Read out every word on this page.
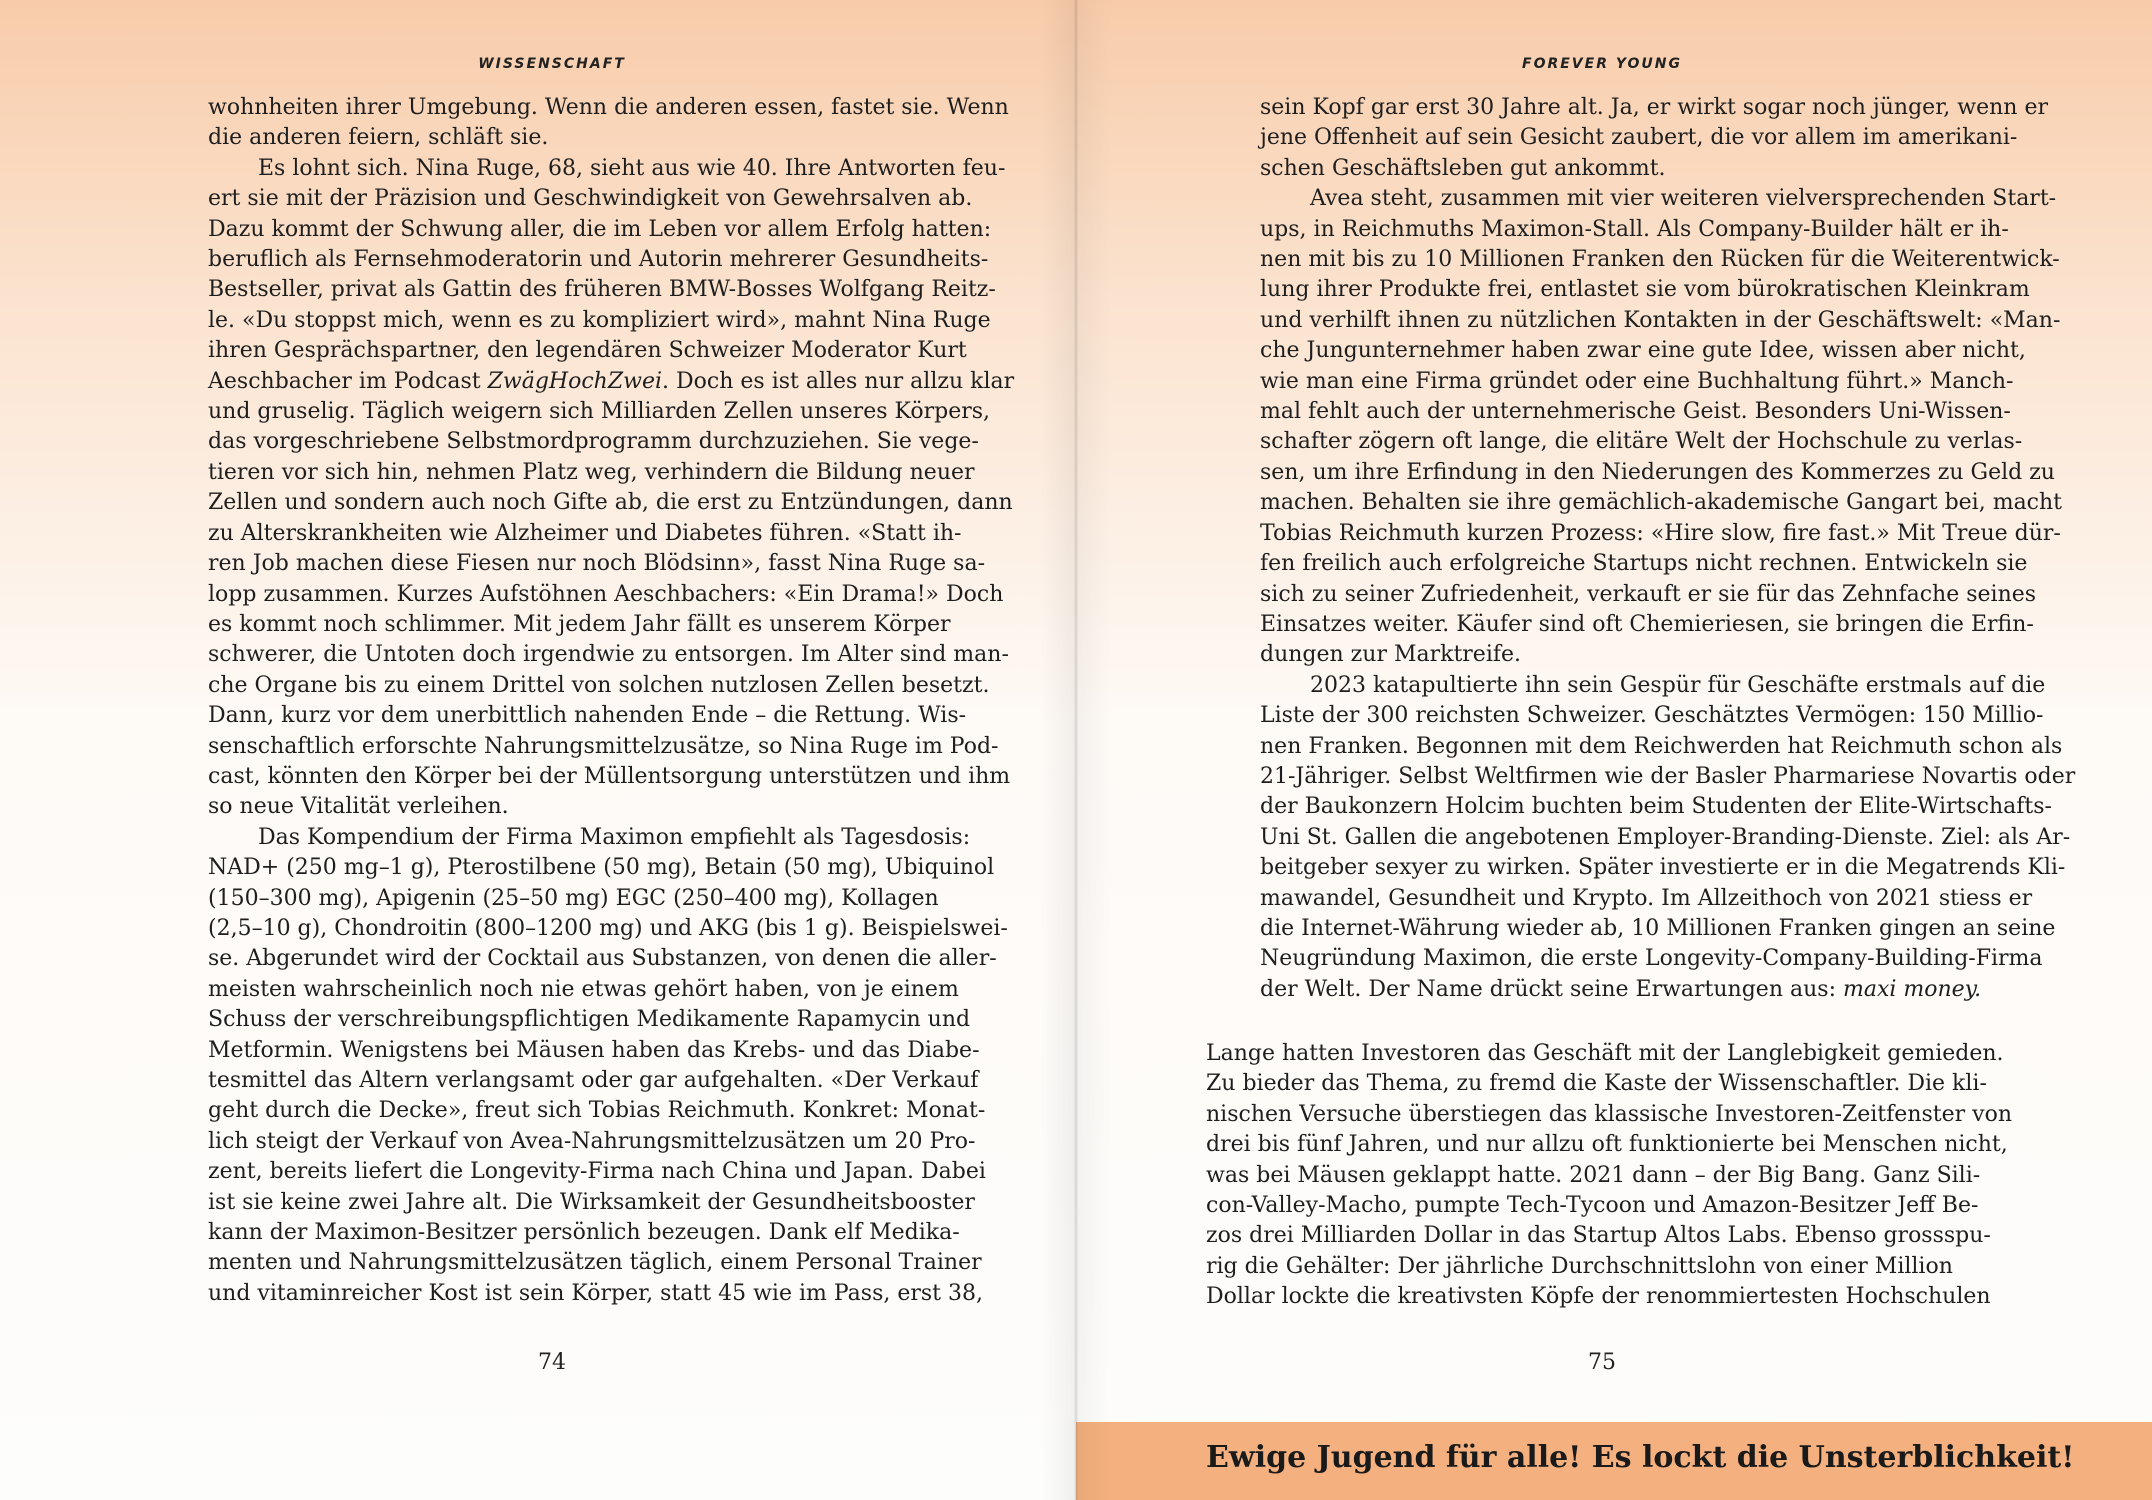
WISSENSCHAFT
wohnheiten ihrer Umgebung. Wenn die anderen essen, fastet sie. Wenn
die anderen feiern, schläft sie.
Es lohnt sich. Nina Ruge, 68, sieht aus wie 40. Ihre Antworten feu-
ert sie mit der Präzision und Geschwindigkeit von Gewehrsalven ab.
Dazu kommt der Schwung aller, die im Leben vor allem Erfolg hatten:
beruflich als Fernsehmoderatorin und Autorin mehrerer Gesundheits-
Bestseller, privat als Gattin des früheren BMW-Bosses Wolfgang Reitz-
le. «Du stoppst mich, wenn es zu kompliziert wird», mahnt Nina Ruge
ihren Gesprächspartner, den legendären Schweizer Moderator Kurt
Aeschbacher im Podcast ZwägHochZwei. Doch es ist alles nur allzu klar
und gruselig. Täglich weigern sich Milliarden Zellen unseres Körpers,
das vorgeschriebene Selbstmordprogramm durchzuziehen. Sie vege-
tieren vor sich hin, nehmen Platz weg, verhindern die Bildung neuer
Zellen und sondern auch noch Gifte ab, die erst zu Entzündungen, dann
zu Alterskrankheiten wie Alzheimer und Diabetes führen. «Statt ih-
ren Job machen diese Fiesen nur noch Blödsinn», fasst Nina Ruge sa-
lopp zusammen. Kurzes Aufstöhnen Aeschbachers: «Ein Drama!» Doch
es kommt noch schlimmer. Mit jedem Jahr fällt es unserem Körper
schwerer, die Untoten doch irgendwie zu entsorgen. Im Alter sind man-
che Organe bis zu einem Drittel von solchen nutzlosen Zellen besetzt.
Dann, kurz vor dem unerbittlich nahenden Ende – die Rettung. Wis-
senschaftlich erforschte Nahrungsmittelzusätze, so Nina Ruge im Pod-
cast, könnten den Körper bei der Müllentsorgung unterstützen und ihm
so neue Vitalität verleihen.
Das Kompendium der Firma Maximon empfiehlt als Tagesdosis:
NAD+ (250 mg–1 g), Pterostilbene (50 mg), Betain (50 mg), Ubiquinol
(150–300 mg), Apigenin (25–50 mg) EGC (250–400 mg), Kollagen
(2,5–10 g), Chondroitin (800–1200 mg) und AKG (bis 1 g). Beispielswei-
se. Abgerundet wird der Cocktail aus Substanzen, von denen die aller-
meisten wahrscheinlich noch nie etwas gehört haben, von je einem
Schuss der verschreibungspflichtigen Medikamente Rapamycin und
Metformin. Wenigstens bei Mäusen haben das Krebs- und das Diabe-
tesmittel das Altern verlangsamt oder gar aufgehalten. «Der Verkauf
geht durch die Decke», freut sich Tobias Reichmuth. Konkret: Monat-
lich steigt der Verkauf von Avea-Nahrungsmittelzusätzen um 20 Pro-
zent, bereits liefert die Longevity-Firma nach China und Japan. Dabei
ist sie keine zwei Jahre alt. Die Wirksamkeit der Gesundheitsbooster
kann der Maximon-Besitzer persönlich bezeugen. Dank elf Medika-
menten und Nahrungsmittelzusätzen täglich, einem Personal Trainer
und vitaminreicher Kost ist sein Körper, statt 45 wie im Pass, erst 38,
74
FOREVER YOUNG
sein Kopf gar erst 30 Jahre alt. Ja, er wirkt sogar noch jünger, wenn er
jene Offenheit auf sein Gesicht zaubert, die vor allem im amerikani-
schen Geschäftsleben gut ankommt.
Avea steht, zusammen mit vier weiteren vielversprechenden Start-
ups, in Reichmuths Maximon-Stall. Als Company-Builder hält er ih-
nen mit bis zu 10 Millionen Franken den Rücken für die Weiterentwick-
lung ihrer Produkte frei, entlastet sie vom bürokratischen Kleinkram
und verhilft ihnen zu nützlichen Kontakten in der Geschäftswelt: «Man-
che Jungunternehmer haben zwar eine gute Idee, wissen aber nicht,
wie man eine Firma gründet oder eine Buchhaltung führt.» Manch-
mal fehlt auch der unternehmerische Geist. Besonders Uni-Wissen-
schafter zögern oft lange, die elitäre Welt der Hochschule zu verlas-
sen, um ihre Erfindung in den Niederungen des Kommerzes zu Geld zu
machen. Behalten sie ihre gemächlich-akademische Gangart bei, macht
Tobias Reichmuth kurzen Prozess: «Hire slow, fire fast.» Mit Treue dür-
fen freilich auch erfolgreiche Startups nicht rechnen. Entwickeln sie
sich zu seiner Zufriedenheit, verkauft er sie für das Zehnfache seines
Einsatzes weiter. Käufer sind oft Chemieriesen, sie bringen die Erfin-
dungen zur Marktreife.
2023 katapultierte ihn sein Gespür für Geschäfte erstmals auf die
Liste der 300 reichsten Schweizer. Geschätztes Vermögen: 150 Millio-
nen Franken. Begonnen mit dem Reichwerden hat Reichmuth schon als
21-Jähriger. Selbst Weltfirmen wie der Basler Pharmariese Novartis oder
der Baukonzern Holcim buchten beim Studenten der Elite-Wirtschafts-
Uni St. Gallen die angebotenen Employer-Branding-Dienste. Ziel: als Ar-
beitgeber sexyer zu wirken. Später investierte er in die Megatrends Kli-
mawandel, Gesundheit und Krypto. Im Allzeithoch von 2021 stiess er
die Internet-Währung wieder ab, 10 Millionen Franken gingen an seine
Neugründung Maximon, die erste Longevity-Company-Building-Firma
der Welt. Der Name drückt seine Erwartungen aus: maxi money.
Lange hatten Investoren das Geschäft mit der Langlebigkeit gemieden.
Zu bieder das Thema, zu fremd die Kaste der Wissenschaftler. Die kli-
nischen Versuche überstiegen das klassische Investoren-Zeitfenster von
drei bis fünf Jahren, und nur allzu oft funktionierte bei Menschen nicht,
was bei Mäusen geklappt hatte. 2021 dann – der Big Bang. Ganz Sili-
con-Valley-Macho, pumpte Tech-Tycoon und Amazon-Besitzer Jeff Be-
zos drei Milliarden Dollar in das Startup Altos Labs. Ebenso grossspu-
rig die Gehälter: Der jährliche Durchschnittslohn von einer Million
Dollar lockte die kreativsten Köpfe der renommiertesten Hochschulen
75
Ewige Jugend für alle! Es lockt die Unsterblichkeit!
